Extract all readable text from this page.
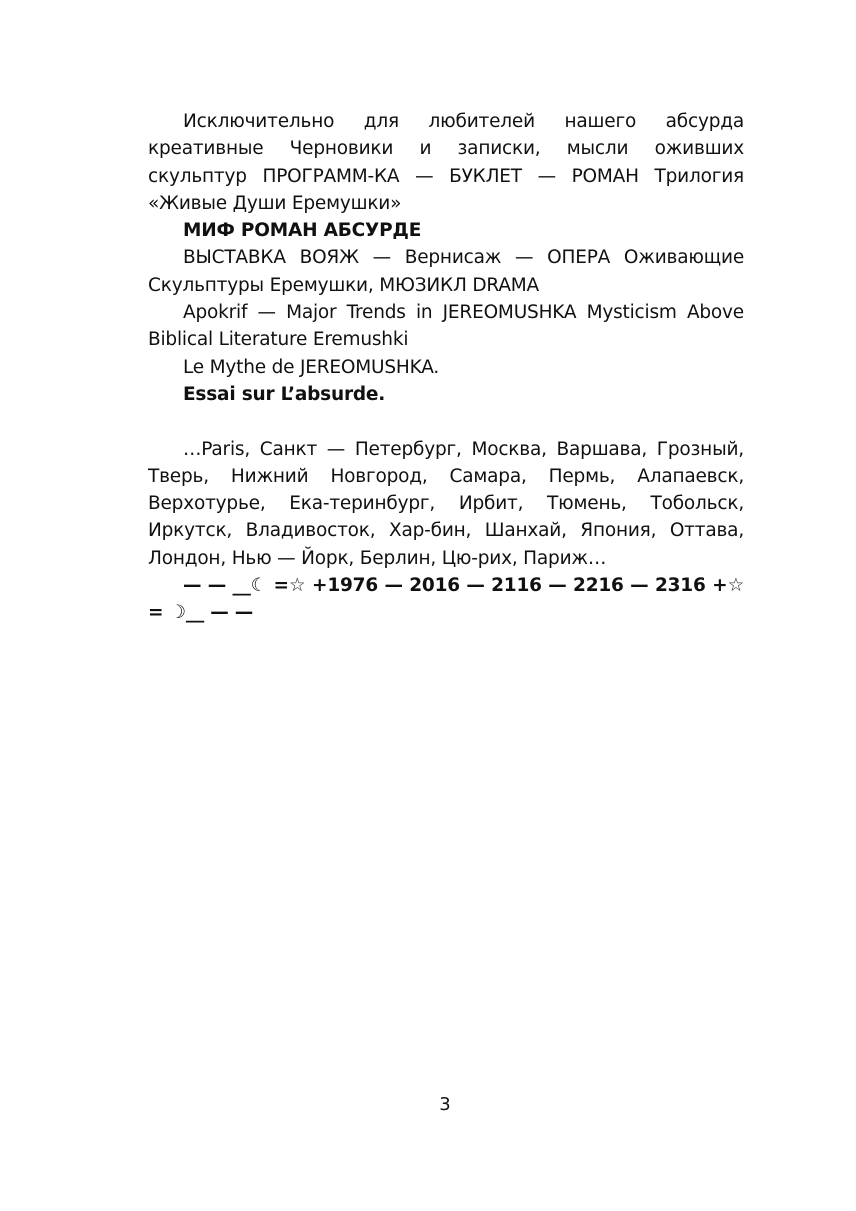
Исключительно для любителей нашего абсурда креативные Черновики и записки, мысли оживших скульптур ПРОГРАММ-КА — БУКЛЕТ — РОМАН Трилогия «Живые Души Еремушки»

МИФ РОМАН АБСУРДЕ

ВЫСТАВКА ВОЯЖ — Вернисаж — ОПЕРА Оживающие Скульптуры Еремушки, МЮЗИКЛ DRAMA

Apokrif — Major Trends in JEREOMUSHKA Mysticism Above Biblical Literature Eremushki

Le Mythe de JEREOMUSHKA.

Essai sur L’absurde.

…Paris, Санкт — Петербург, Москва, Варшава, Грозный, Тверь, Нижний Новгород, Самара, Пермь, Алапаевск, Верхотурье, Ека-теринбург, Ирбит, Тюмень, Тобольск, Иркутск, Владивосток, Хар-бин, Шанхай, Япония, Оттава, Лондон, Нью — Йорк, Берлин, Цю-рих, Париж…

— — __☾ =☆ +1976 — 2016 — 2116 — 2216 — 2316 +☆ = ☽__ — —

3
